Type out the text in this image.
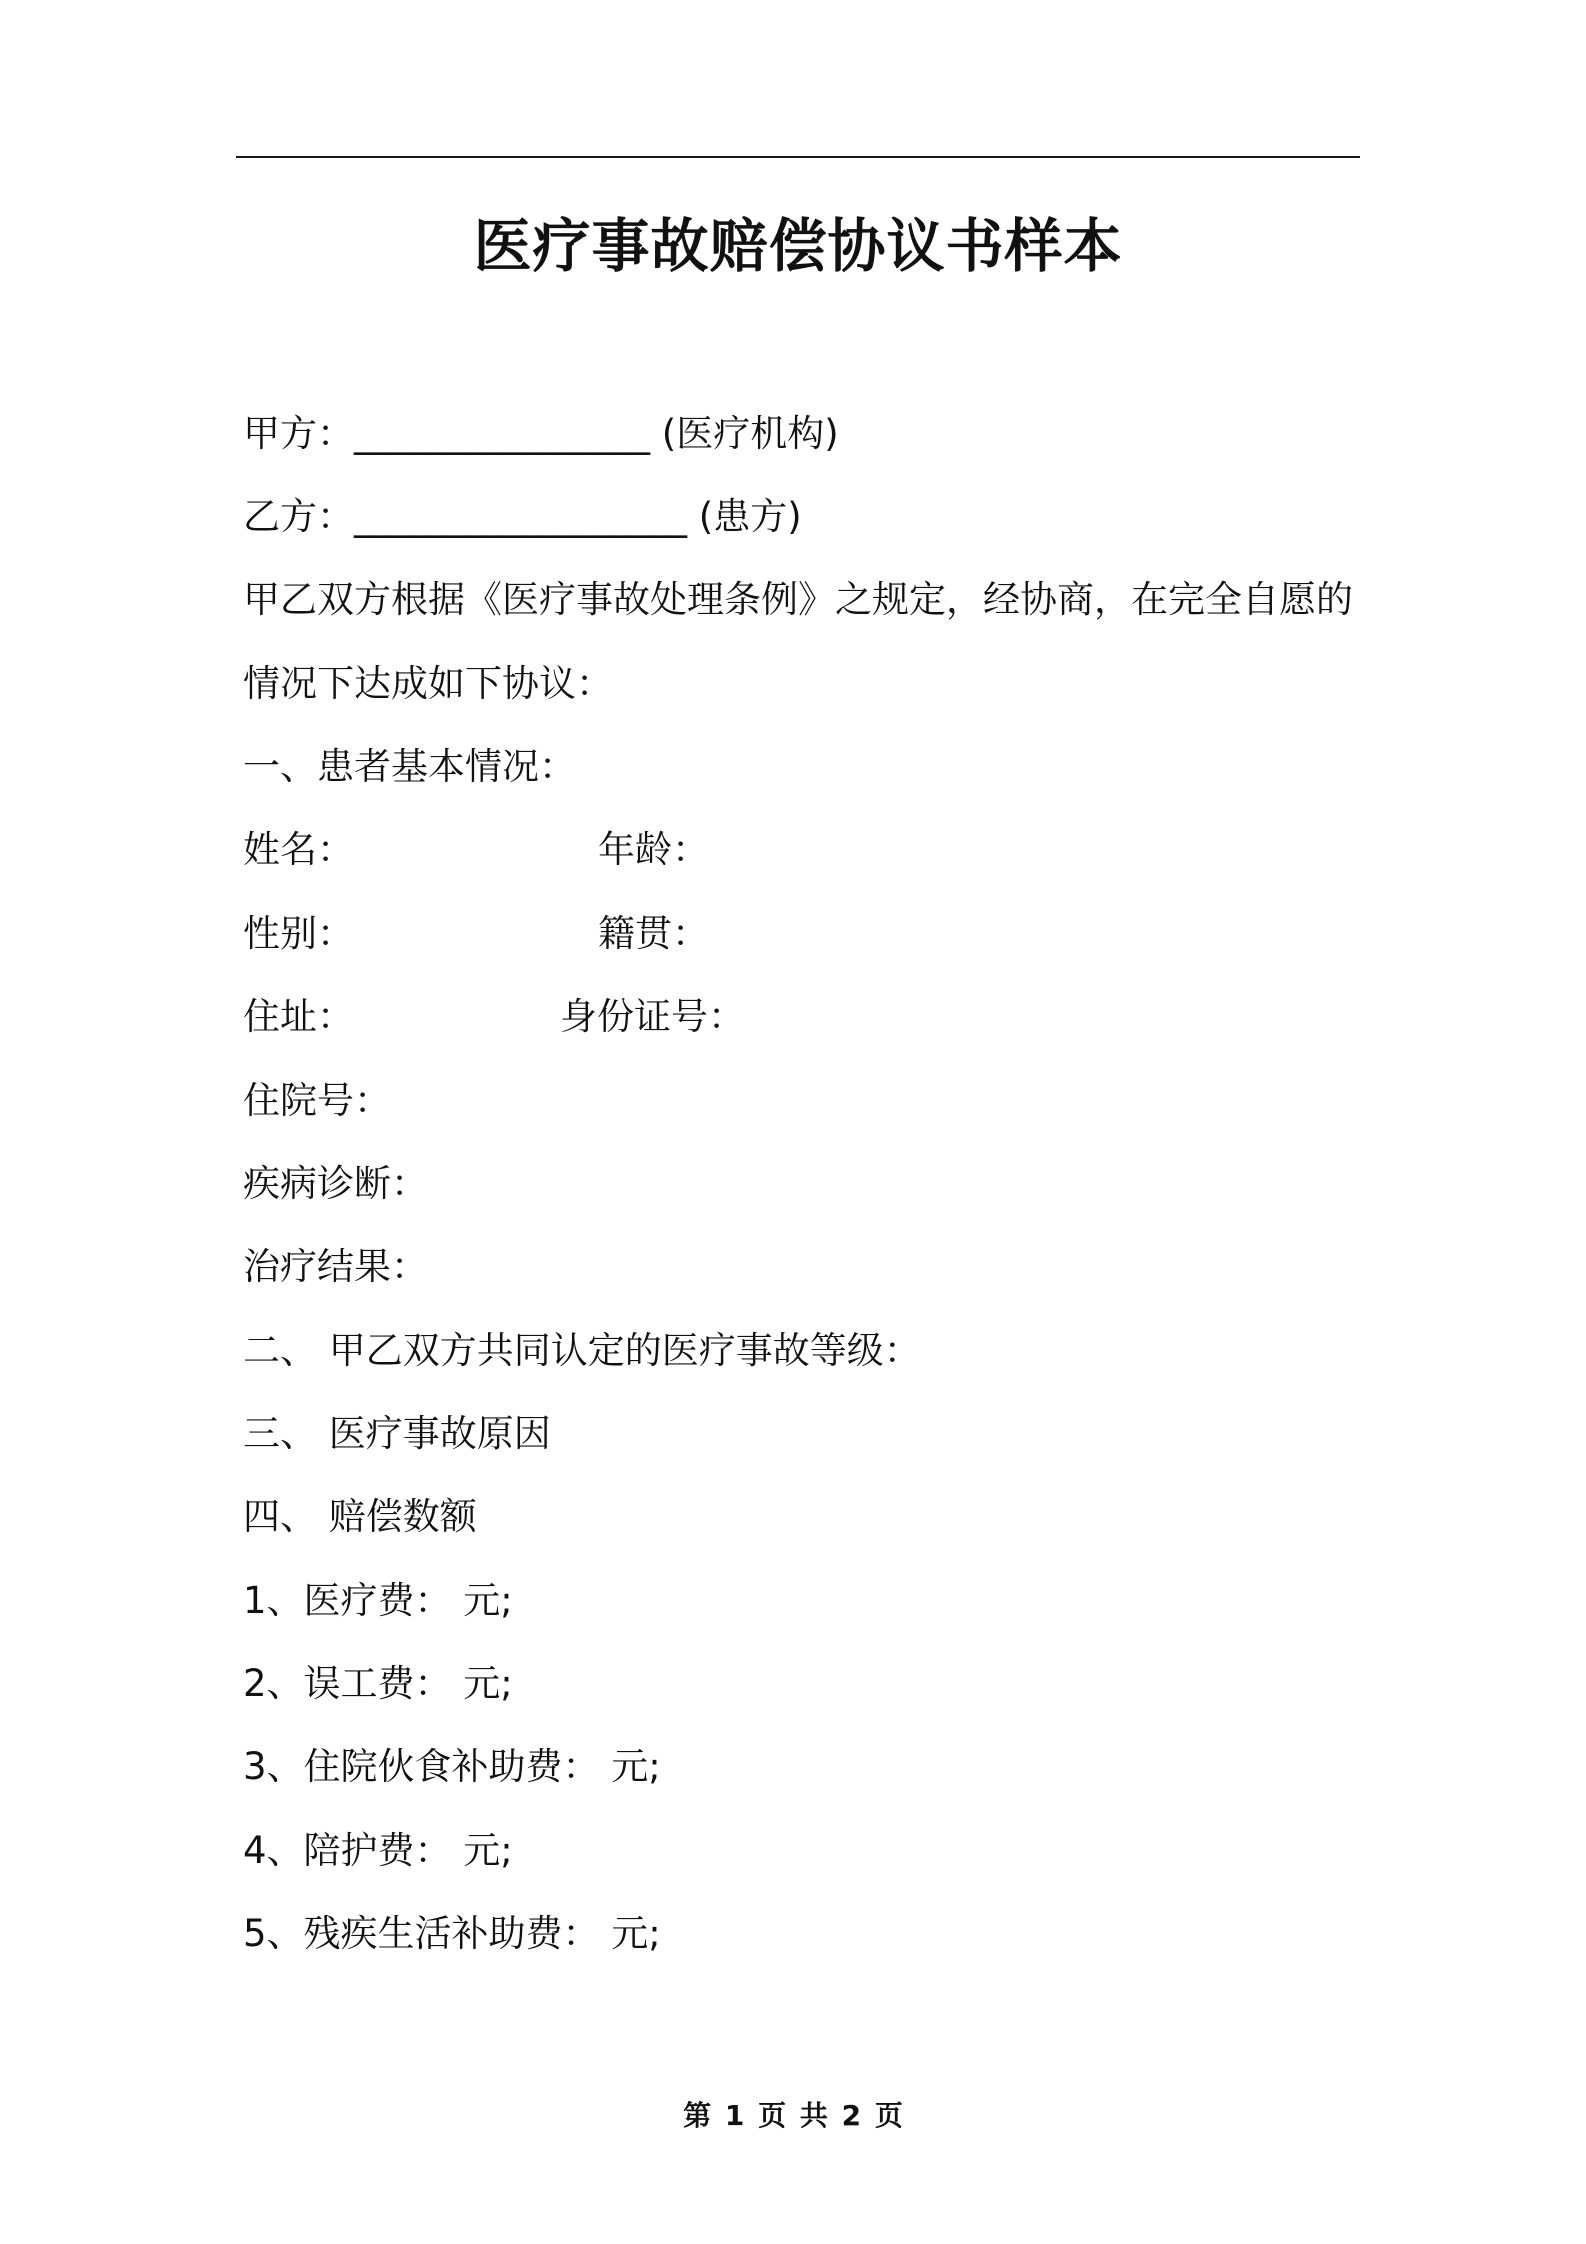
医疗事故赔偿协议书样本
甲方：________________ (医疗机构)
乙方：__________________ (患方)
甲乙双方根据《医疗事故处理条例》之规定，经协商，在完全自愿的
情况下达成如下协议：
一、患者基本情况：
姓名：	年龄：
性别：	籍贯：
住址：	身份证号：
住院号：
疾病诊断：
治疗结果：
二、 甲乙双方共同认定的医疗事故等级：
三、 医疗事故原因
四、 赔偿数额
1、医疗费： 元;
2、误工费： 元;
3、住院伙食补助费： 元;
4、陪护费： 元;
5、残疾生活补助费： 元;
第 1 页 共 2 页
